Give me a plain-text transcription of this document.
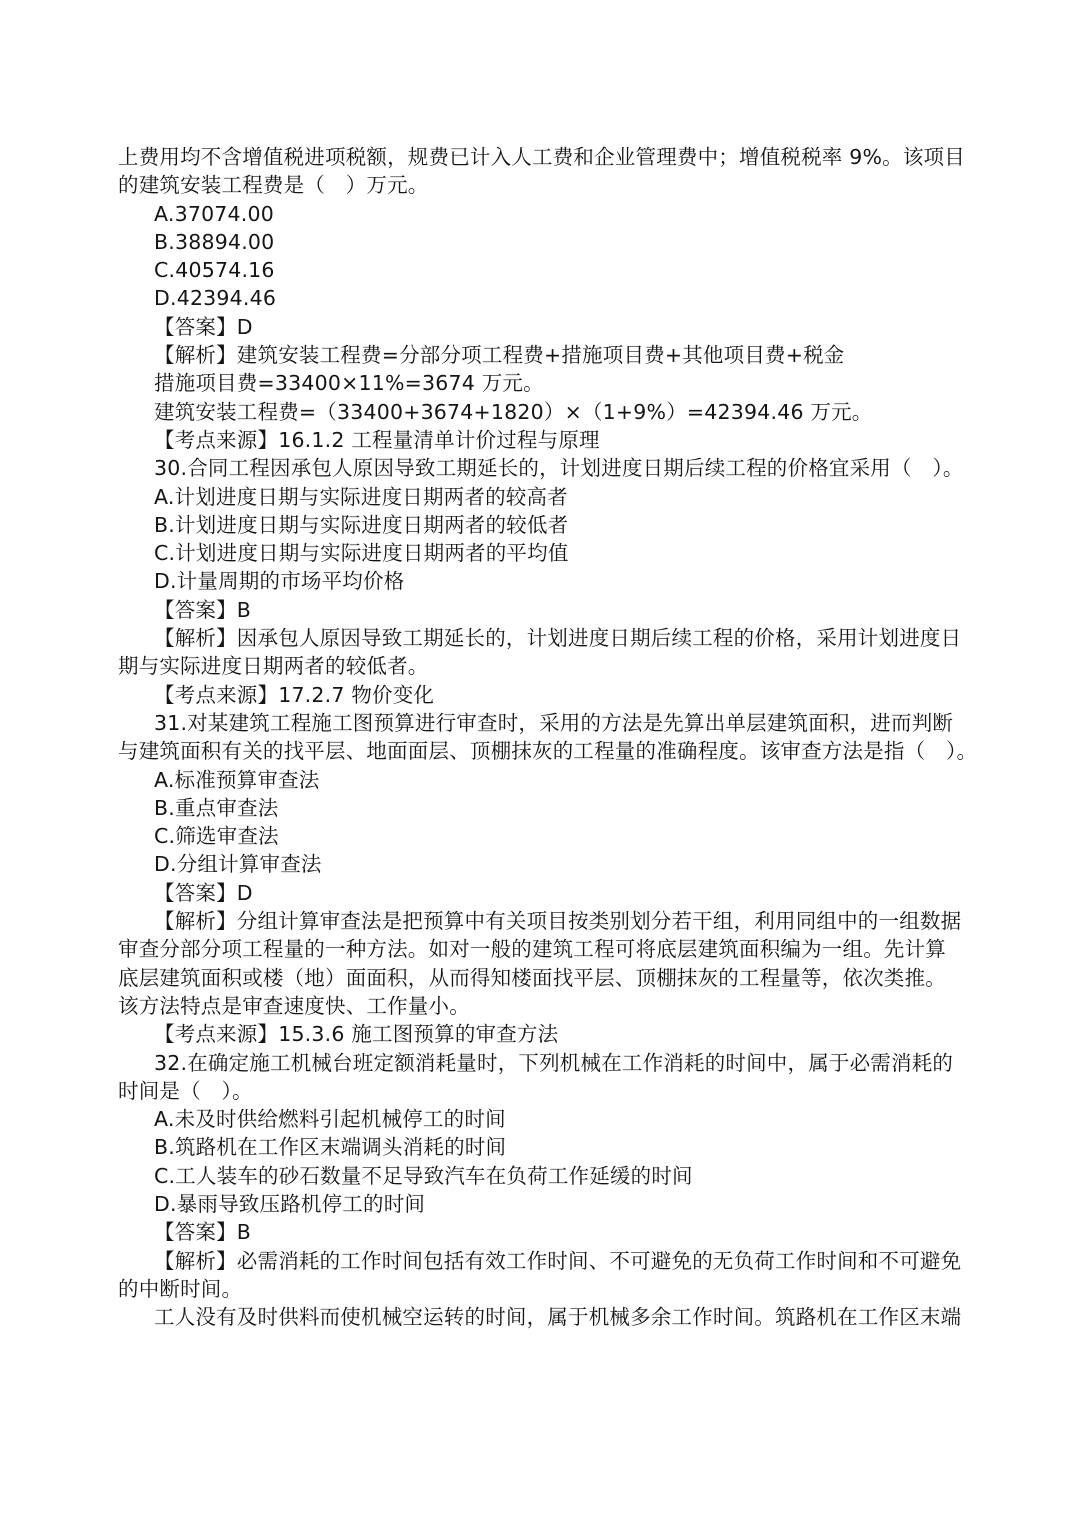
上费用均不含增值税进项税额，规费已计入人工费和企业管理费中；增值税税率 9%。该项目
的建筑安装工程费是（　）万元。
A.37074.00
B.38894.00
C.40574.16
D.42394.46
【答案】D
【解析】建筑安装工程费=分部分项工程费+措施项目费+其他项目费+税金
措施项目费=33400×11%=3674 万元。
建筑安装工程费=（33400+3674+1820）×（1+9%）=42394.46 万元。
【考点来源】16.1.2 工程量清单计价过程与原理
30.合同工程因承包人原因导致工期延长的，计划进度日期后续工程的价格宜采用（　）。
A.计划进度日期与实际进度日期两者的较高者
B.计划进度日期与实际进度日期两者的较低者
C.计划进度日期与实际进度日期两者的平均值
D.计量周期的市场平均价格
【答案】B
【解析】因承包人原因导致工期延长的，计划进度日期后续工程的价格，采用计划进度日
期与实际进度日期两者的较低者。
【考点来源】17.2.7 物价变化
31.对某建筑工程施工图预算进行审查时，采用的方法是先算出单层建筑面积，进而判断
与建筑面积有关的找平层、地面面层、顶棚抹灰的工程量的准确程度。该审查方法是指（　）。
A.标准预算审查法
B.重点审查法
C.筛选审查法
D.分组计算审查法
【答案】D
【解析】分组计算审查法是把预算中有关项目按类别划分若干组，利用同组中的一组数据
审查分部分项工程量的一种方法。如对一般的建筑工程可将底层建筑面积编为一组。先计算
底层建筑面积或楼（地）面面积，从而得知楼面找平层、顶棚抹灰的工程量等，依次类推。
该方法特点是审查速度快、工作量小。
【考点来源】15.3.6 施工图预算的审查方法
32.在确定施工机械台班定额消耗量时，下列机械在工作消耗的时间中，属于必需消耗的
时间是（　）。
A.未及时供给燃料引起机械停工的时间
B.筑路机在工作区末端调头消耗的时间
C.工人装车的砂石数量不足导致汽车在负荷工作延缓的时间
D.暴雨导致压路机停工的时间
【答案】B
【解析】必需消耗的工作时间包括有效工作时间、不可避免的无负荷工作时间和不可避免
的中断时间。
工人没有及时供料而使机械空运转的时间，属于机械多余工作时间。筑路机在工作区末端
